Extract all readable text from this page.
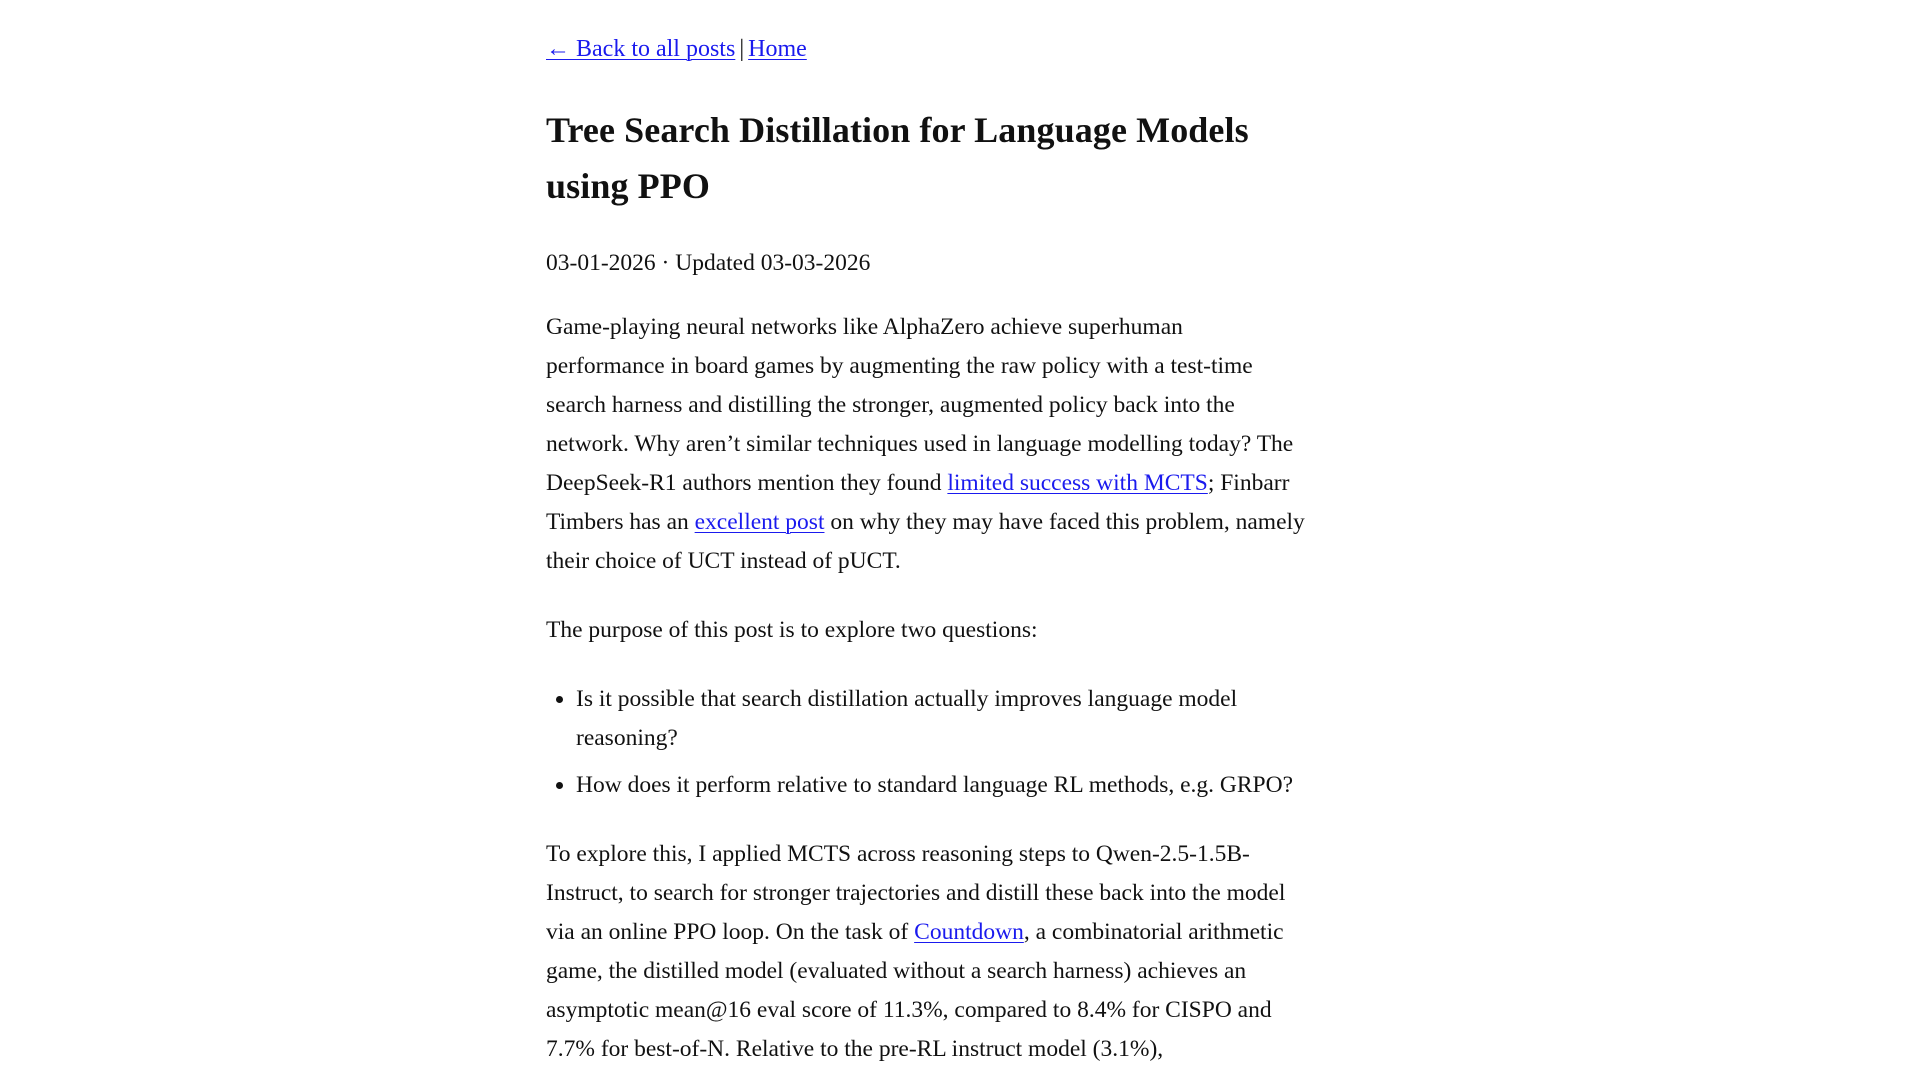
← Back to all posts | Home
Tree Search Distillation for Language Models using PPO
03-01-2026 · Updated 03-03-2026

Game-playing neural networks like AlphaZero achieve superhuman performance in board games by augmenting the raw policy with a test-time search harness and distilling the stronger, augmented policy back into the network. Why aren’t similar techniques used in language modelling today? The DeepSeek-R1 authors mention they found limited success with MCTS; Finbarr Timbers has an excellent post on why they may have faced this problem, namely their choice of UCT instead of pUCT.

The purpose of this post is to explore two questions:

• Is it possible that search distillation actually improves language model reasoning?
• How does it perform relative to standard language RL methods, e.g. GRPO?

To explore this, I applied MCTS across reasoning steps to Qwen-2.5-1.5B-Instruct, to search for stronger trajectories and distill these back into the model via an online PPO loop. On the task of Countdown, a combinatorial arithmetic game, the distilled model (evaluated without a search harness) achieves an asymptotic mean@16 eval score of 11.3%, compared to 8.4% for CISPO and 7.7% for best-of-N. Relative to the pre-RL instruct model (3.1%),
